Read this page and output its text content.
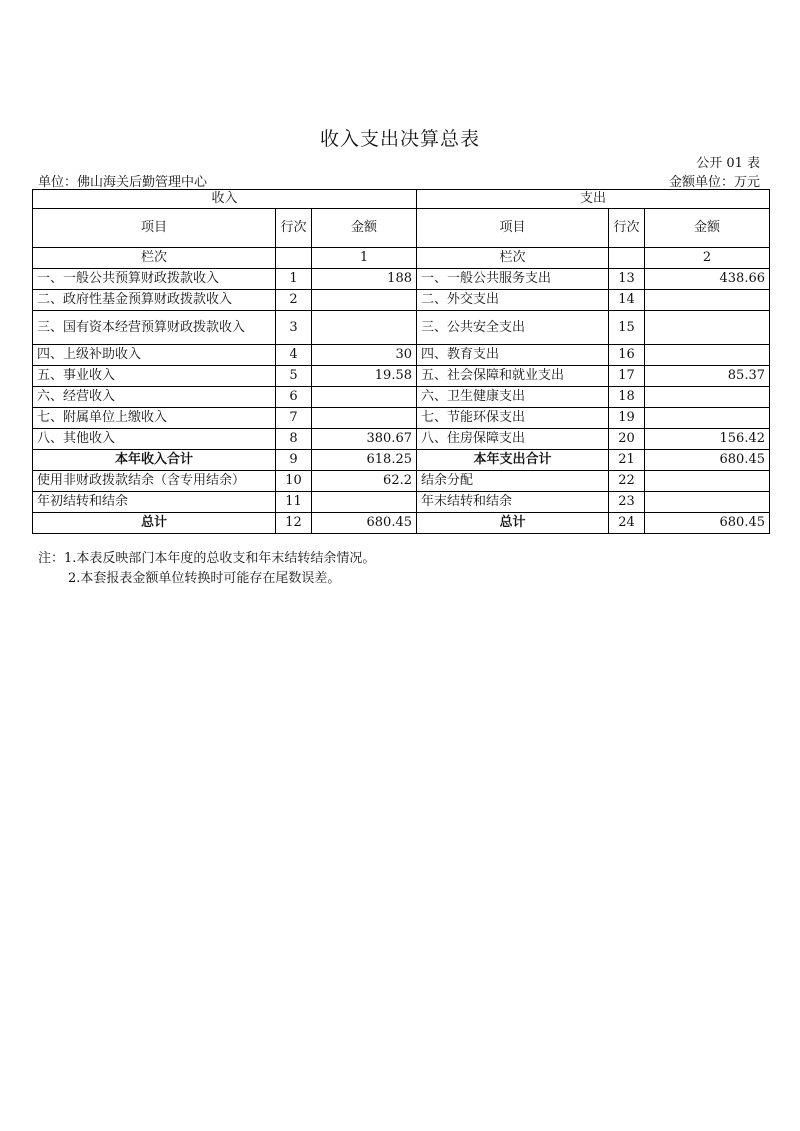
收入支出决算总表
公开 01 表
单位：佛山海关后勤管理中心	金额单位：万元
收入			支出		
项目	行次	金额	项目	行次	金额
栏次		1	栏次		2
一、一般公共预算财政拨款收入	1	188	一、一般公共服务支出	13	438.66
二、政府性基金预算财政拨款收入	2		二、外交支出	14	
三、国有资本经营预算财政拨款收入	3		三、公共安全支出	15	
四、上级补助收入	4	30	四、教育支出	16	
五、事业收入	5	19.58	五、社会保障和就业支出	17	85.37
六、经营收入	6		六、卫生健康支出	18	
七、附属单位上缴收入	7		七、节能环保支出	19	
八、其他收入	8	380.67	八、住房保障支出	20	156.42
本年收入合计	9	618.25	本年支出合计	21	680.45
使用非财政拨款结余（含专用结余）	10	62.2	结余分配	22	
年初结转和结余	11		年末结转和结余	23	
总计	12	680.45	总计	24	680.45
注：1.本表反映部门本年度的总收支和年末结转结余情况。
2.本套报表金额单位转换时可能存在尾数误差。
